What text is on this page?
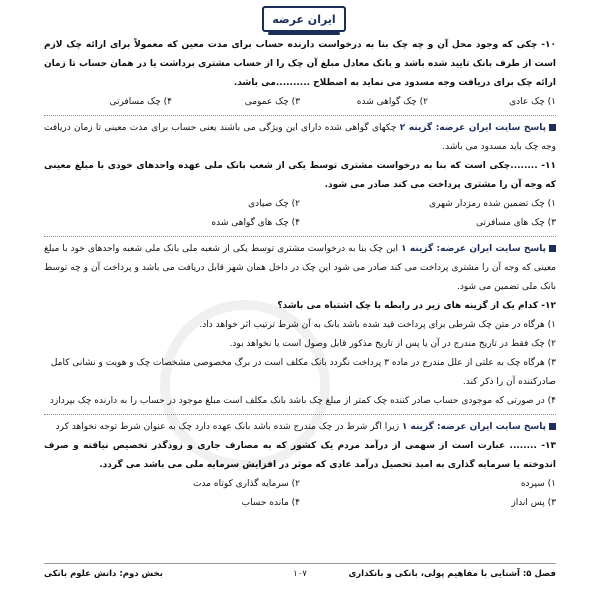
ایران عرضه
۱۰- چکی که وجود محل آن و چه چک بنا به درخواست دارنده حساب برای مدت معین که معمولاً برای ارائه چک لازم است از طرف بانک تایید شده باشد و بانک معادل مبلغ آن چک را از حساب مشتری برداشت یا در همان حساب تا زمان ارائه چک برای دریافت وجه مسدود می نماید به اصطلاح ..........می باشد.
۱) چک عادی
۲) چک گواهی شده
۳) چک عمومی
۴) چک مسافرتی
پاسخ سایت ایران عرضه: گزینه ۲ چکهای گواهی شده دارای این ویژگی می باشند یعنی حساب برای مدت معینی تا زمان دریافت وجه چک باید مسدود می باشد.
۱۱- ........چکی است که بنا به درخواست مشتری توسط یکی از شعب بانک ملی عهده واحدهای خودی با مبلغ معینی که وجه آن را مشتری پرداخت می کند صادر می شود.
۱) چک تضمین شده رمزدار شهری
۲) چک صیادی
۳) چک های مسافرتی
۴) چک های گواهی شده
پاسخ سایت ایران عرضه: گزینه ۱ این چک بنا به درخواست مشتری توسط یکی از شعبه ملی بانک ملی شعبه واحدهای خود با مبلغ معینی که وجه آن را مشتری پرداخت می کند صادر می شود این چک در داخل همان شهر قابل دریافت می باشد و پرداخت آن و چه توسط بانک ملی تضمین می شود.
۱۲- کدام یک از گزینه های زیر در رابطه با چک اشتباه می باشد؟
۱) هرگاه در متن چک شرطی برای پرداخت قید شده باشد بانک به آن شرط ترتیب اثر خواهد داد.
۲) چک فقط در تاریخ مندرج در آن یا پس از تاریخ مذکور قابل وصول است یا نخواهد بود.
۳) هرگاه چک به علتی از علل مندرج در ماده ۳ پرداخت نگردد بانک مکلف است در برگ مخصوصی مشخصات چک و هویت و نشانی کامل صادرکننده آن را ذکر کند.
۴) در صورتی که موجودی حساب صادر کننده چک کمتر از مبلغ چک باشد بانک مکلف است مبلغ موجود در حساب را به دارنده چک بپردازد
پاسخ سایت ایران عرضه: گزینه ۱ زیرا اگر شرط در چک مندرج شده باشد بانک عهده دارد چک به عنوان شرط توجه نخواهد کرد
۱۳- ........ عبارت است از سهمی از درآمد مردم یک کشور که به مصارف جاری و زودگذر تخصیص نیافته و صرف اندوخته یا سرمایه گذاری به امید تحصیل درآمد عادی که موثر در افزایش سرمایه ملی می باشد می گردد.
۱) سپرده
۲) سرمایه گذاری کوتاه مدت
۳) پس انداز
۴) مانده حساب
فصل ۵: آشنایی با مفاهیم پولی، بانکی و بانکداری
۱۰۷
بخش دوم: دانش علوم بانکی
